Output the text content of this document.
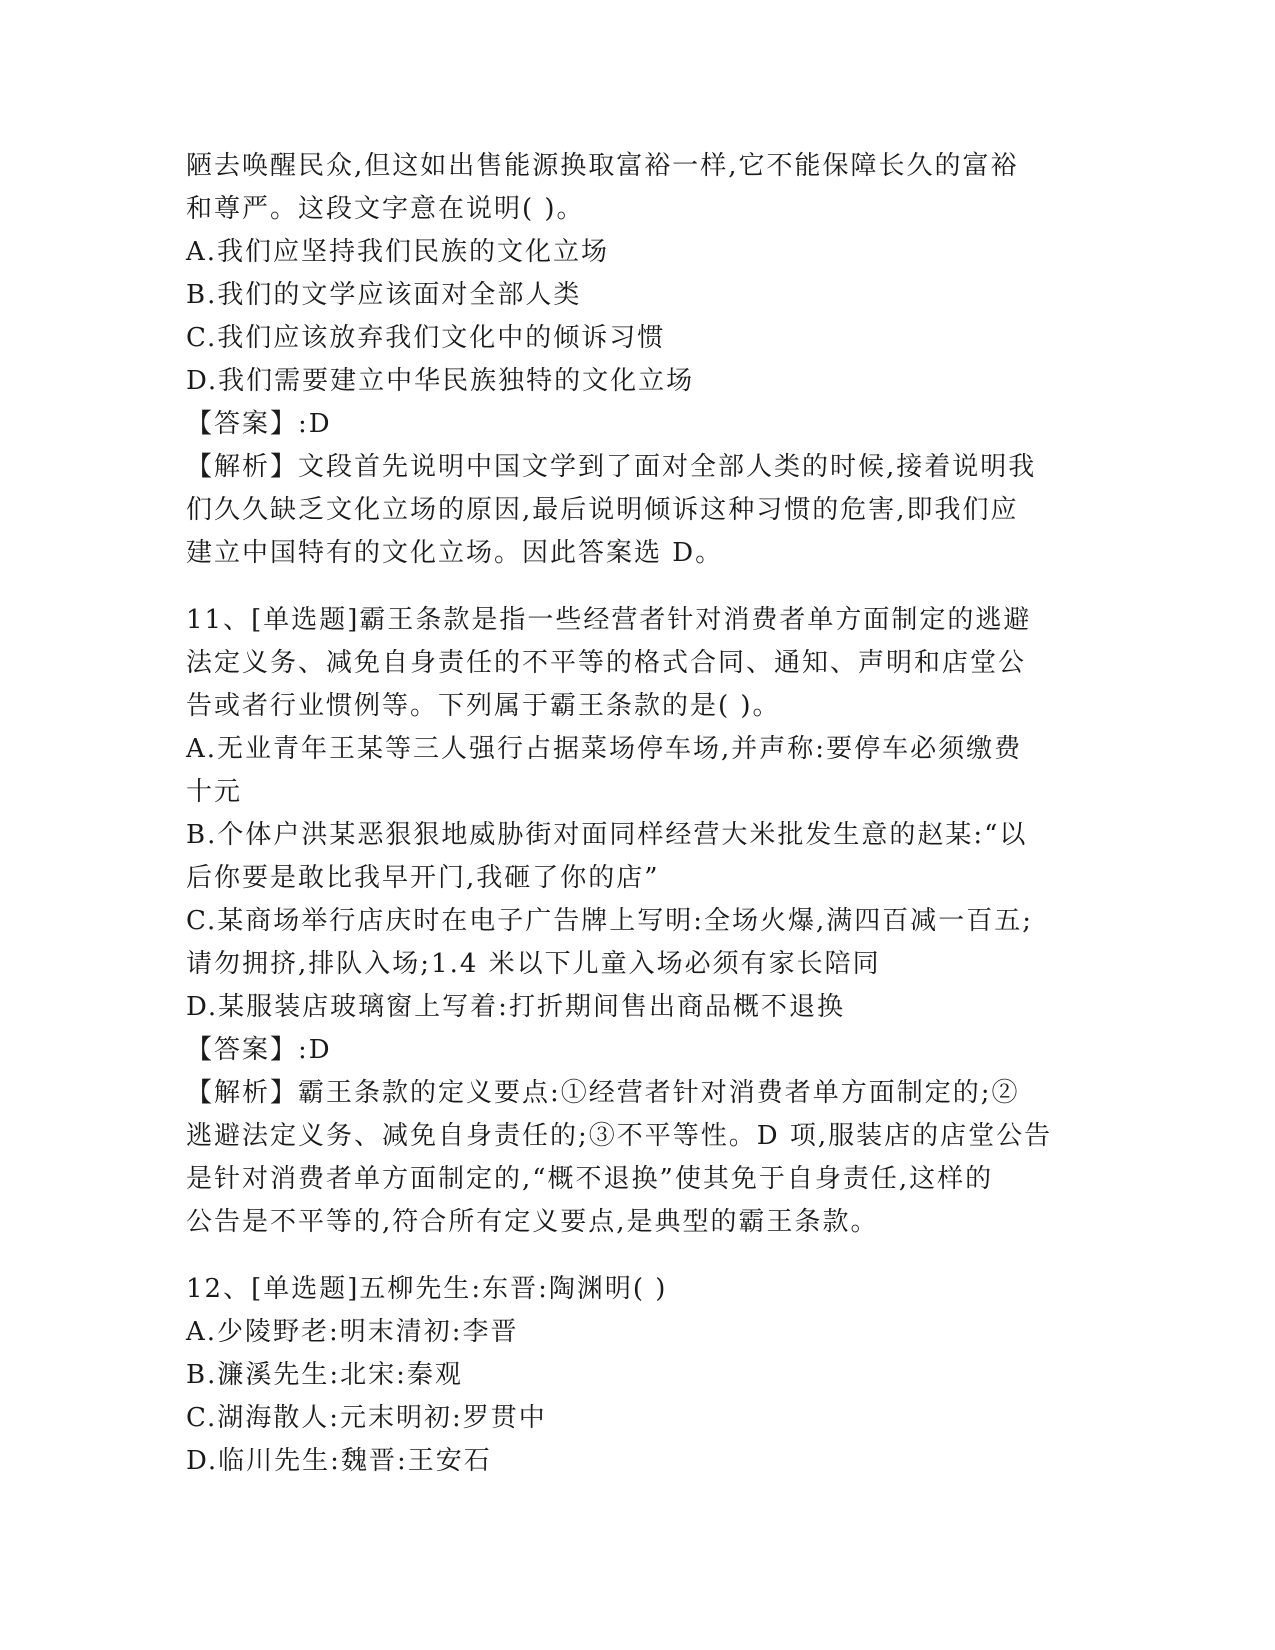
陋去唤醒民众,但这如出售能源换取富裕一样,它不能保障长久的富裕
和尊严。这段文字意在说明( )。
A.我们应坚持我们民族的文化立场
B.我们的文学应该面对全部人类
C.我们应该放弃我们文化中的倾诉习惯
D.我们需要建立中华民族独特的文化立场
【答案】:D
【解析】文段首先说明中国文学到了面对全部人类的时候,接着说明我
们久久缺乏文化立场的原因,最后说明倾诉这种习惯的危害,即我们应
建立中国特有的文化立场。因此答案选 D。
11、[单选题]霸王条款是指一些经营者针对消费者单方面制定的逃避
法定义务、减免自身责任的不平等的格式合同、通知、声明和店堂公
告或者行业惯例等。下列属于霸王条款的是( )。
A.无业青年王某等三人强行占据菜场停车场,并声称:要停车必须缴费
十元
B.个体户洪某恶狠狠地威胁街对面同样经营大米批发生意的赵某:“以
后你要是敢比我早开门,我砸了你的店”
C.某商场举行店庆时在电子广告牌上写明:全场火爆,满四百减一百五;
请勿拥挤,排队入场;1.4 米以下儿童入场必须有家长陪同
D.某服装店玻璃窗上写着:打折期间售出商品概不退换
【答案】:D
【解析】霸王条款的定义要点:①经营者针对消费者单方面制定的;②
逃避法定义务、减免自身责任的;③不平等性。D 项,服装店的店堂公告
是针对消费者单方面制定的,“概不退换”使其免于自身责任,这样的
公告是不平等的,符合所有定义要点,是典型的霸王条款。
12、[单选题]五柳先生:东晋:陶渊明( )
A.少陵野老:明末清初:李晋
B.濂溪先生:北宋:秦观
C.湖海散人:元末明初:罗贯中
D.临川先生:魏晋:王安石
